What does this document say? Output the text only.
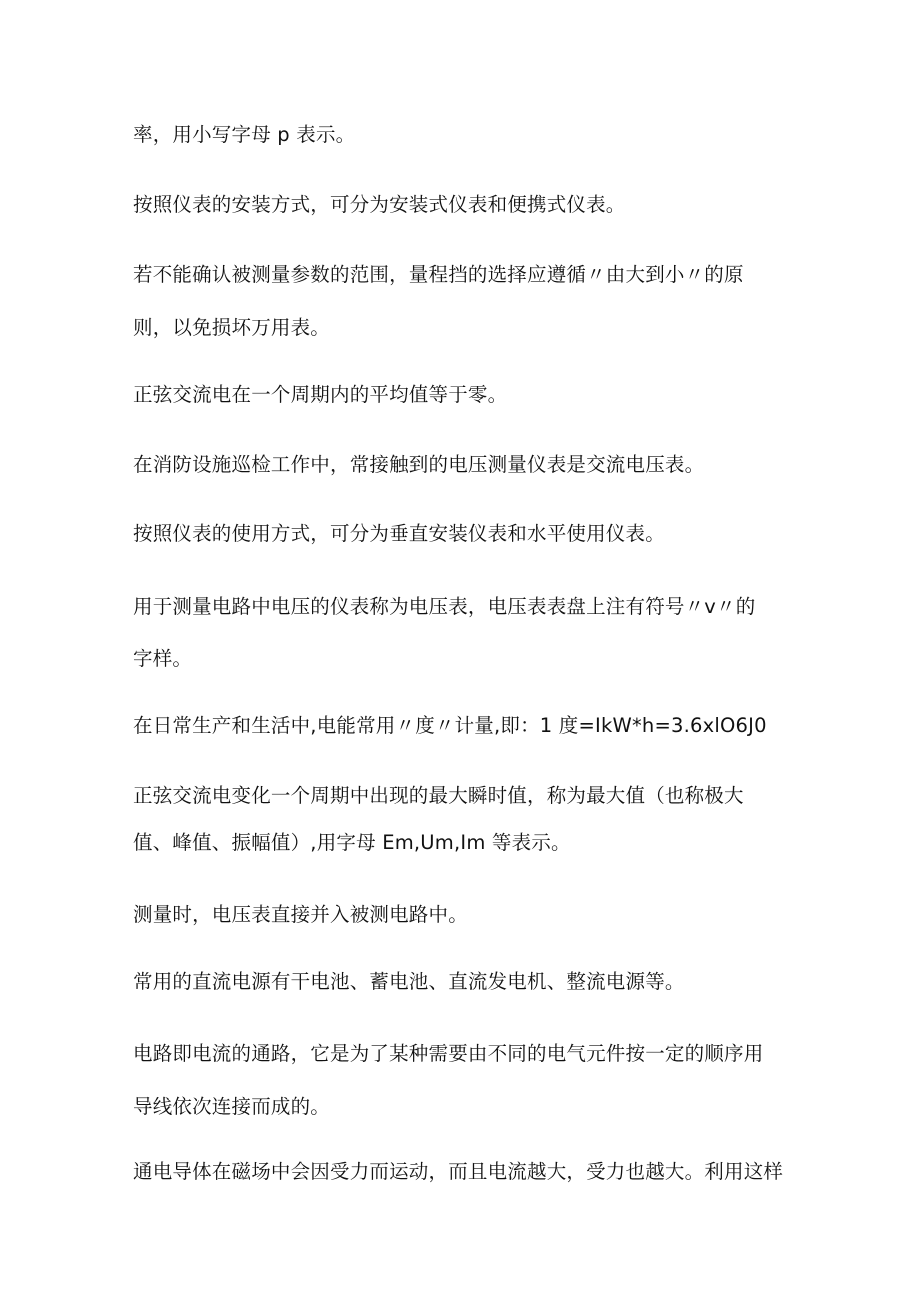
率，用小写字母 p 表示。
按照仪表的安装方式，可分为安装式仪表和便携式仪表。
若不能确认被测量参数的范围，量程挡的选择应遵循〃由大到小〃的原
则，以免损坏万用表。
正弦交流电在一个周期内的平均值等于零。
在消防设施巡检工作中，常接触到的电压测量仪表是交流电压表。
按照仪表的使用方式，可分为垂直安装仪表和水平使用仪表。
用于测量电路中电压的仪表称为电压表，电压表表盘上注有符号〃v〃的
字样。
在日常生产和生活中,电能常用〃度〃计量,即：1 度=IkW*h=3.6xlO6J0
正弦交流电变化一个周期中出现的最大瞬时值，称为最大值（也称极大
值、峰值、振幅值）,用字母 Em,Um,Im 等表示。
测量时，电压表直接并入被测电路中。
常用的直流电源有干电池、蓄电池、直流发电机、整流电源等。
电路即电流的通路，它是为了某种需要由不同的电气元件按一定的顺序用
导线依次连接而成的。
通电导体在磁场中会因受力而运动，而且电流越大，受力也越大。利用这样
